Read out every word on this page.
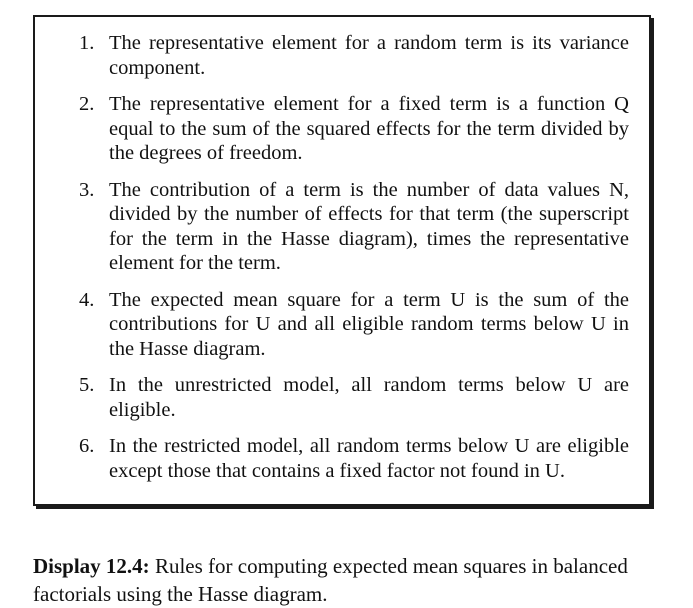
1. The representative element for a random term is its variance component.
2. The representative element for a fixed term is a function Q equal to the sum of the squared effects for the term divided by the degrees of freedom.
3. The contribution of a term is the number of data values N, divided by the number of effects for that term (the superscript for the term in the Hasse diagram), times the representative element for the term.
4. The expected mean square for a term U is the sum of the contributions for U and all eligible random terms below U in the Hasse diagram.
5. In the unrestricted model, all random terms below U are eligible.
6. In the restricted model, all random terms below U are eligible except those that contains a fixed factor not found in U.

Display 12.4: Rules for computing expected mean squares in balanced factorials using the Hasse diagram.
